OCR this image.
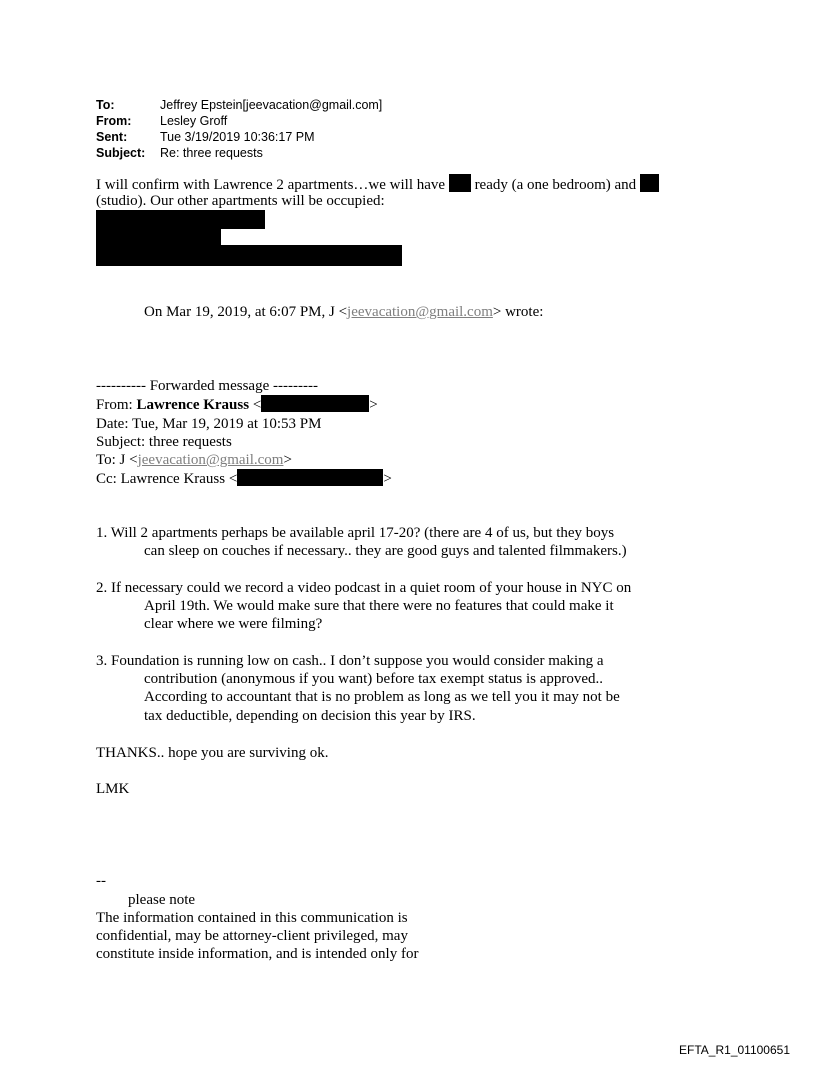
To:	Jeffrey Epstein[jeevacation@gmail.com]
From:	Lesley Groff
Sent:	Tue 3/19/2019 10:36:17 PM
Subject:	Re: three requests
I will confirm with Lawrence 2 apartments…we will have ready (a one bedroom) and
(studio). Our other apartments will be occupied:
On Mar 19, 2019, at 6:07 PM, J <jeevacation@gmail.com> wrote:
---------- Forwarded message ---------
From: Lawrence Krauss <	>
Date: Tue, Mar 19, 2019 at 10:53 PM
Subject: three requests
To: J <jeevacation@gmail.com>
Cc: Lawrence Krauss <	>
1. Will 2 apartments perhaps be available april 17-20? (there are 4 of us, but they boys
can sleep on couches if necessary.. they are good guys and talented filmmakers.)
2. If necessary could we record a video podcast in a quiet room of your house in NYC on
April 19th. We would make sure that there were no features that could make it
clear where we were filming?
3. Foundation is running low on cash.. I don’t suppose you would consider making a
contribution (anonymous if you want) before tax exempt status is approved..
According to accountant that is no problem as long as we tell you it may not be
tax deductible, depending on decision this year by IRS.
THANKS.. hope you are surviving ok.
LMK
--
please note
The information contained in this communication is
confidential, may be attorney-client privileged, may
constitute inside information, and is intended only for
EFTA_R1_01100651
